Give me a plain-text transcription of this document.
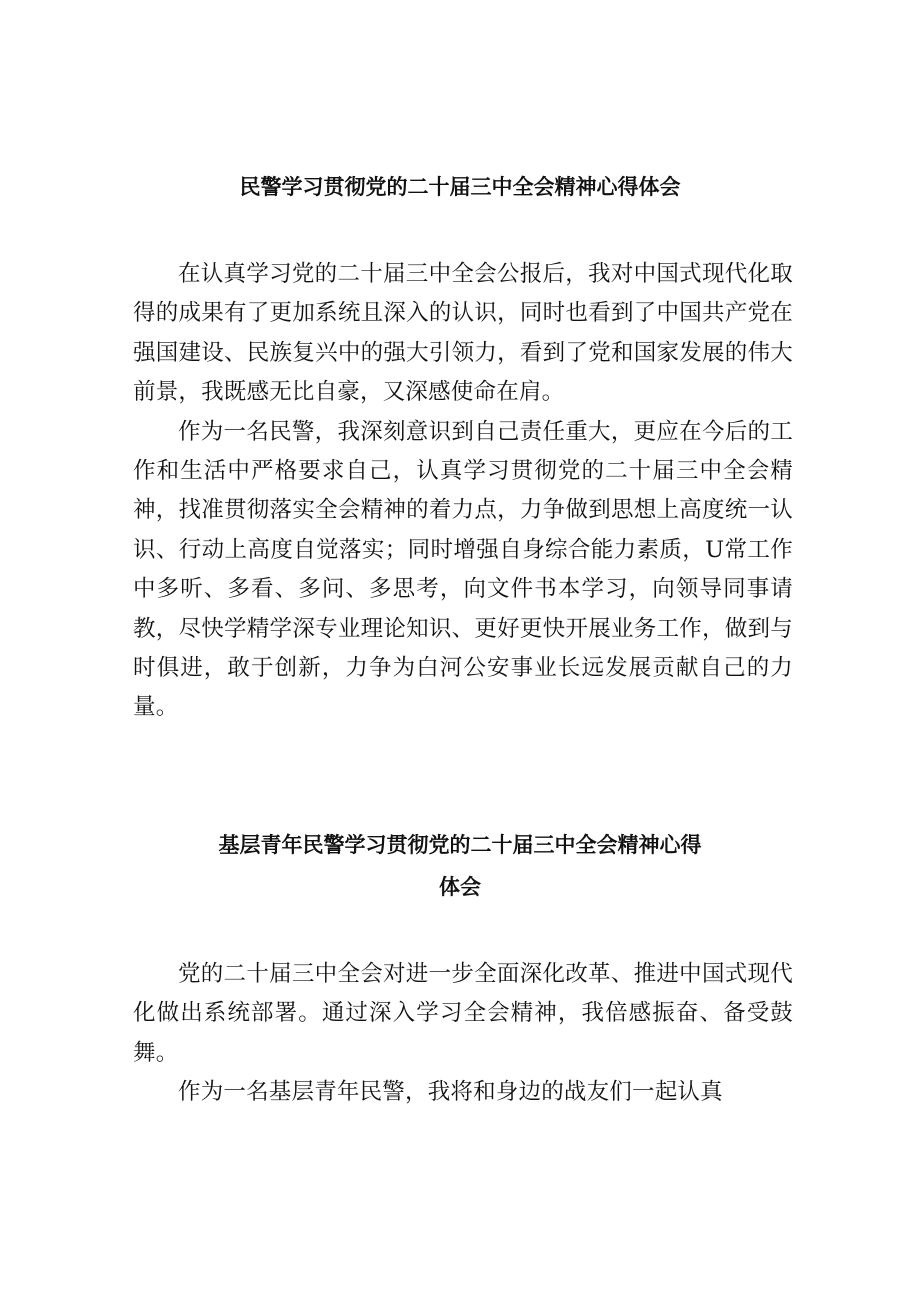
民警学习贯彻党的二十届三中全会精神心得体会

在认真学习党的二十届三中全会公报后，我对中国式现代化取得的成果有了更加系统且深入的认识，同时也看到了中国共产党在强国建设、民族复兴中的强大引领力，看到了党和国家发展的伟大前景，我既感无比自豪，又深感使命在肩。

作为一名民警，我深刻意识到自己责任重大，更应在今后的工作和生活中严格要求自己，认真学习贯彻党的二十届三中全会精神，找准贯彻落实全会精神的着力点，力争做到思想上高度统一认识、行动上高度自觉落实；同时增强自身综合能力素质，U常工作中多听、多看、多问、多思考，向文件书本学习，向领导同事请教，尽快学精学深专业理论知识、更好更快开展业务工作，做到与时俱进，敢于创新，力争为白河公安事业长远发展贡献自己的力量。

基层青年民警学习贯彻党的二十届三中全会精神心得
体会

党的二十届三中全会对进一步全面深化改革、推进中国式现代化做出系统部署。通过深入学习全会精神，我倍感振奋、备受鼓舞。

作为一名基层青年民警，我将和身边的战友们一起认真
